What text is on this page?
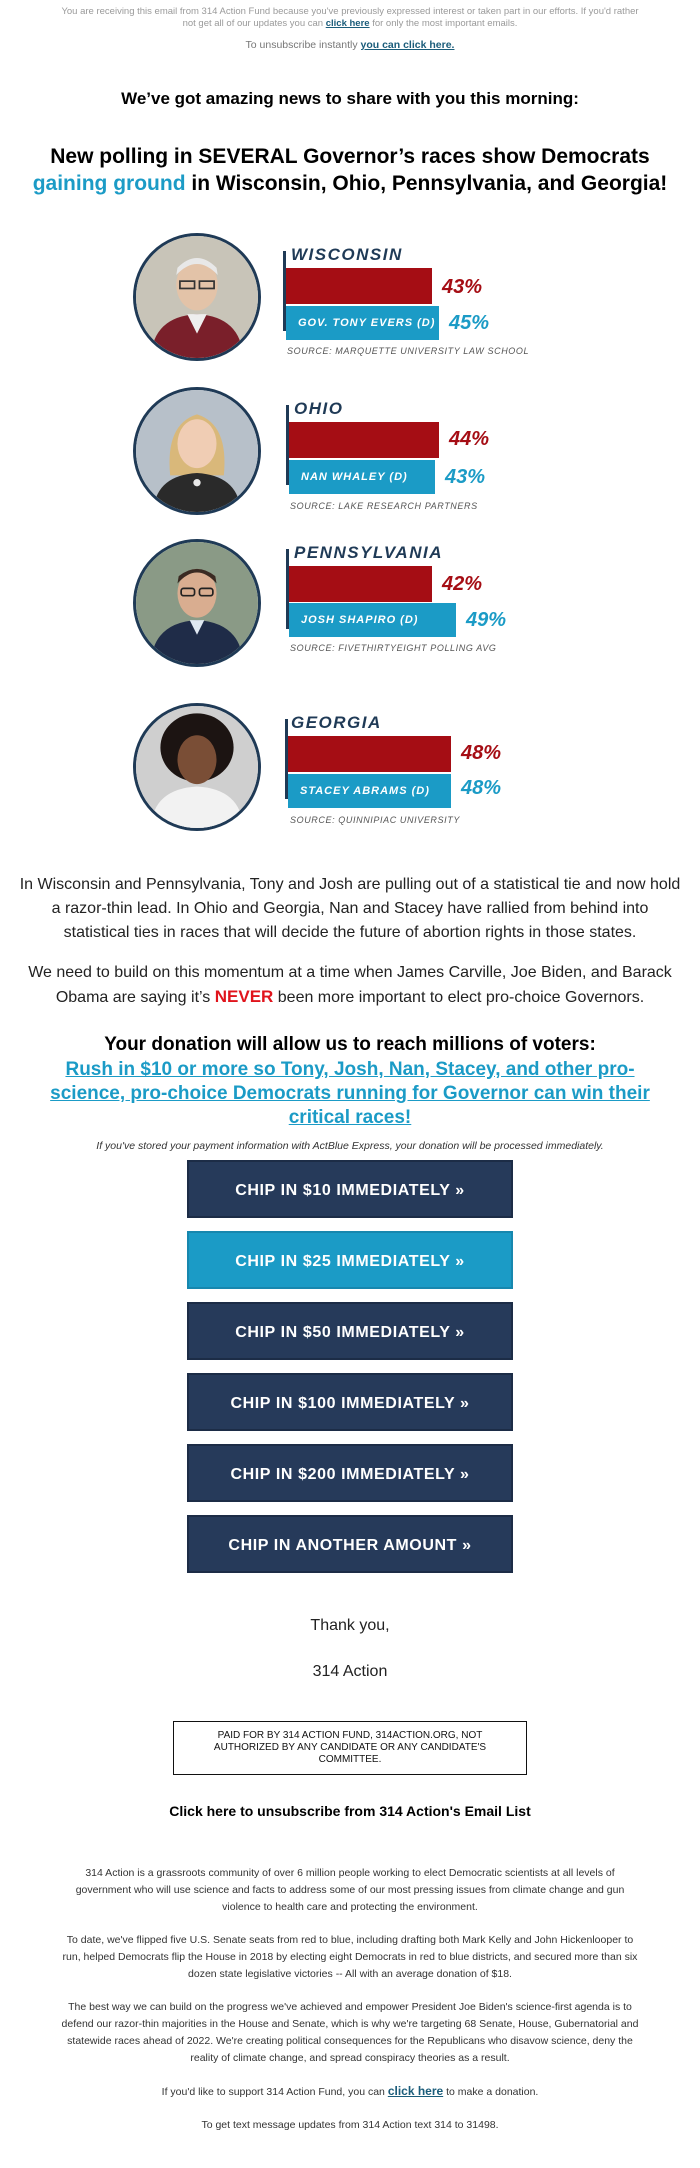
You are receiving this email from 314 Action Fund because you've previously expressed interest or taken part in our efforts. If you'd rather not get all of our updates you can click here for only the most important emails.
To unsubscribe instantly you can click here.
We’ve got amazing news to share with you this morning:
New polling in SEVERAL Governor’s races show Democrats gaining ground in Wisconsin, Ohio, Pennsylvania, and Georgia!
WISCONSIN
43%
GOV. TONY EVERS (D) 45%
SOURCE: MARQUETTE UNIVERSITY LAW SCHOOL
OHIO
44%
NAN WHALEY (D) 43%
SOURCE: LAKE RESEARCH PARTNERS
PENNSYLVANIA
42%
JOSH SHAPIRO (D) 49%
SOURCE: FIVETHIRTYEIGHT POLLING AVG
GEORGIA
48%
STACEY ABRAMS (D) 48%
SOURCE: QUINNIPIAC UNIVERSITY

In Wisconsin and Pennsylvania, Tony and Josh are pulling out of a statistical tie and now hold a razor-thin lead. In Ohio and Georgia, Nan and Stacey have rallied from behind into statistical ties in races that will decide the future of abortion rights in those states.

We need to build on this momentum at a time when James Carville, Joe Biden, and Barack Obama are saying it’s NEVER been more important to elect pro-choice Governors.

Your donation will allow us to reach millions of voters:
Rush in $10 or more so Tony, Josh, Nan, Stacey, and other pro-science, pro-choice Democrats running for Governor can win their critical races!
If you've stored your payment information with ActBlue Express, your donation will be processed immediately.
CHIP IN $10 IMMEDIATELY »
CHIP IN $25 IMMEDIATELY »
CHIP IN $50 IMMEDIATELY »
CHIP IN $100 IMMEDIATELY »
CHIP IN $200 IMMEDIATELY »
CHIP IN ANOTHER AMOUNT »
Thank you,
314 Action
PAID FOR BY 314 ACTION FUND, 314ACTION.ORG, NOT AUTHORIZED BY ANY CANDIDATE OR ANY CANDIDATE'S COMMITTEE.
Click here to unsubscribe from 314 Action's Email List

314 Action is a grassroots community of over 6 million people working to elect Democratic scientists at all levels of government who will use science and facts to address some of our most pressing issues from climate change and gun violence to health care and protecting the environment.

To date, we've flipped five U.S. Senate seats from red to blue, including drafting both Mark Kelly and John Hickenlooper to run, helped Democrats flip the House in 2018 by electing eight Democrats in red to blue districts, and secured more than six dozen state legislative victories -- All with an average donation of $18.

The best way we can build on the progress we've achieved and empower President Joe Biden's science-first agenda is to defend our razor-thin majorities in the House and Senate, which is why we're targeting 68 Senate, House, Gubernatorial and statewide races ahead of 2022. We're creating political consequences for the Republicans who disavow science, deny the reality of climate change, and spread conspiracy theories as a result.

If you'd like to support 314 Action Fund, you can click here to make a donation.

To get text message updates from 314 Action text 314 to 31498.
